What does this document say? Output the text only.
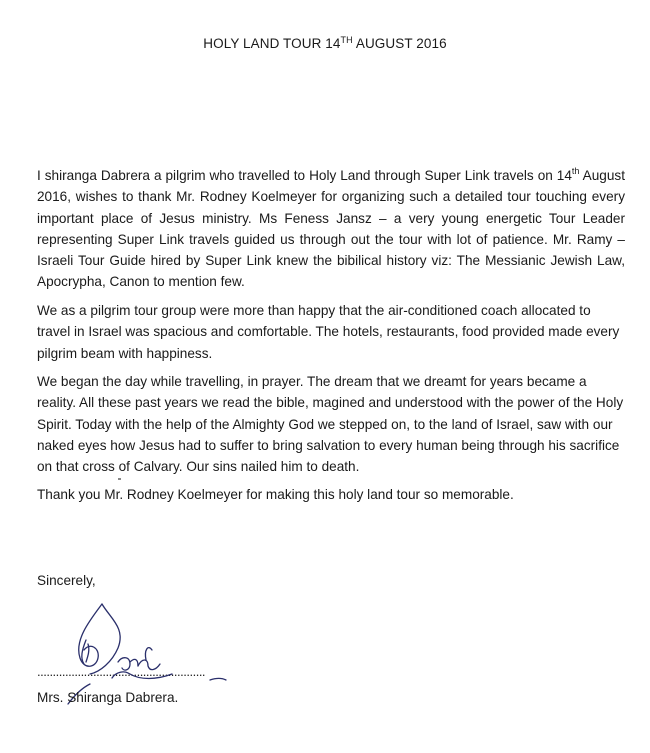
HOLY LAND TOUR 14TH AUGUST 2016

I shiranga Dabrera a pilgrim who travelled to Holy Land through Super Link travels on 14th August 2016, wishes to thank Mr. Rodney Koelmeyer for organizing such a detailed tour touching every important place of Jesus ministry. Ms Feness Jansz – a very young energetic Tour Leader representing Super Link travels guided us through out the tour with lot of patience. Mr. Ramy – Israeli Tour Guide hired by Super Link knew the bibilical history viz: The Messianic Jewish Law, Apocrypha, Canon to mention few.

We as a pilgrim tour group were more than happy that the air-conditioned coach allocated to travel in Israel was spacious and comfortable. The hotels, restaurants, food provided made every pilgrim beam with happiness.

We began the day while travelling, in prayer. The dream that we dreamt for years became a reality. All these past years we read the bible, magined and understood with the power of the Holy Spirit. Today with the help of the Almighty God we stepped on, to the land of Israel, saw with our naked eyes how Jesus had to suffer to bring salvation to every human being through his sacrifice on that cross of Calvary. Our sins nailed him to death.

Thank you Mr. Rodney Koelmeyer for making this holy land tour so memorable.

Sincerely,
......................................................
Mrs. Shiranga Dabrera.
